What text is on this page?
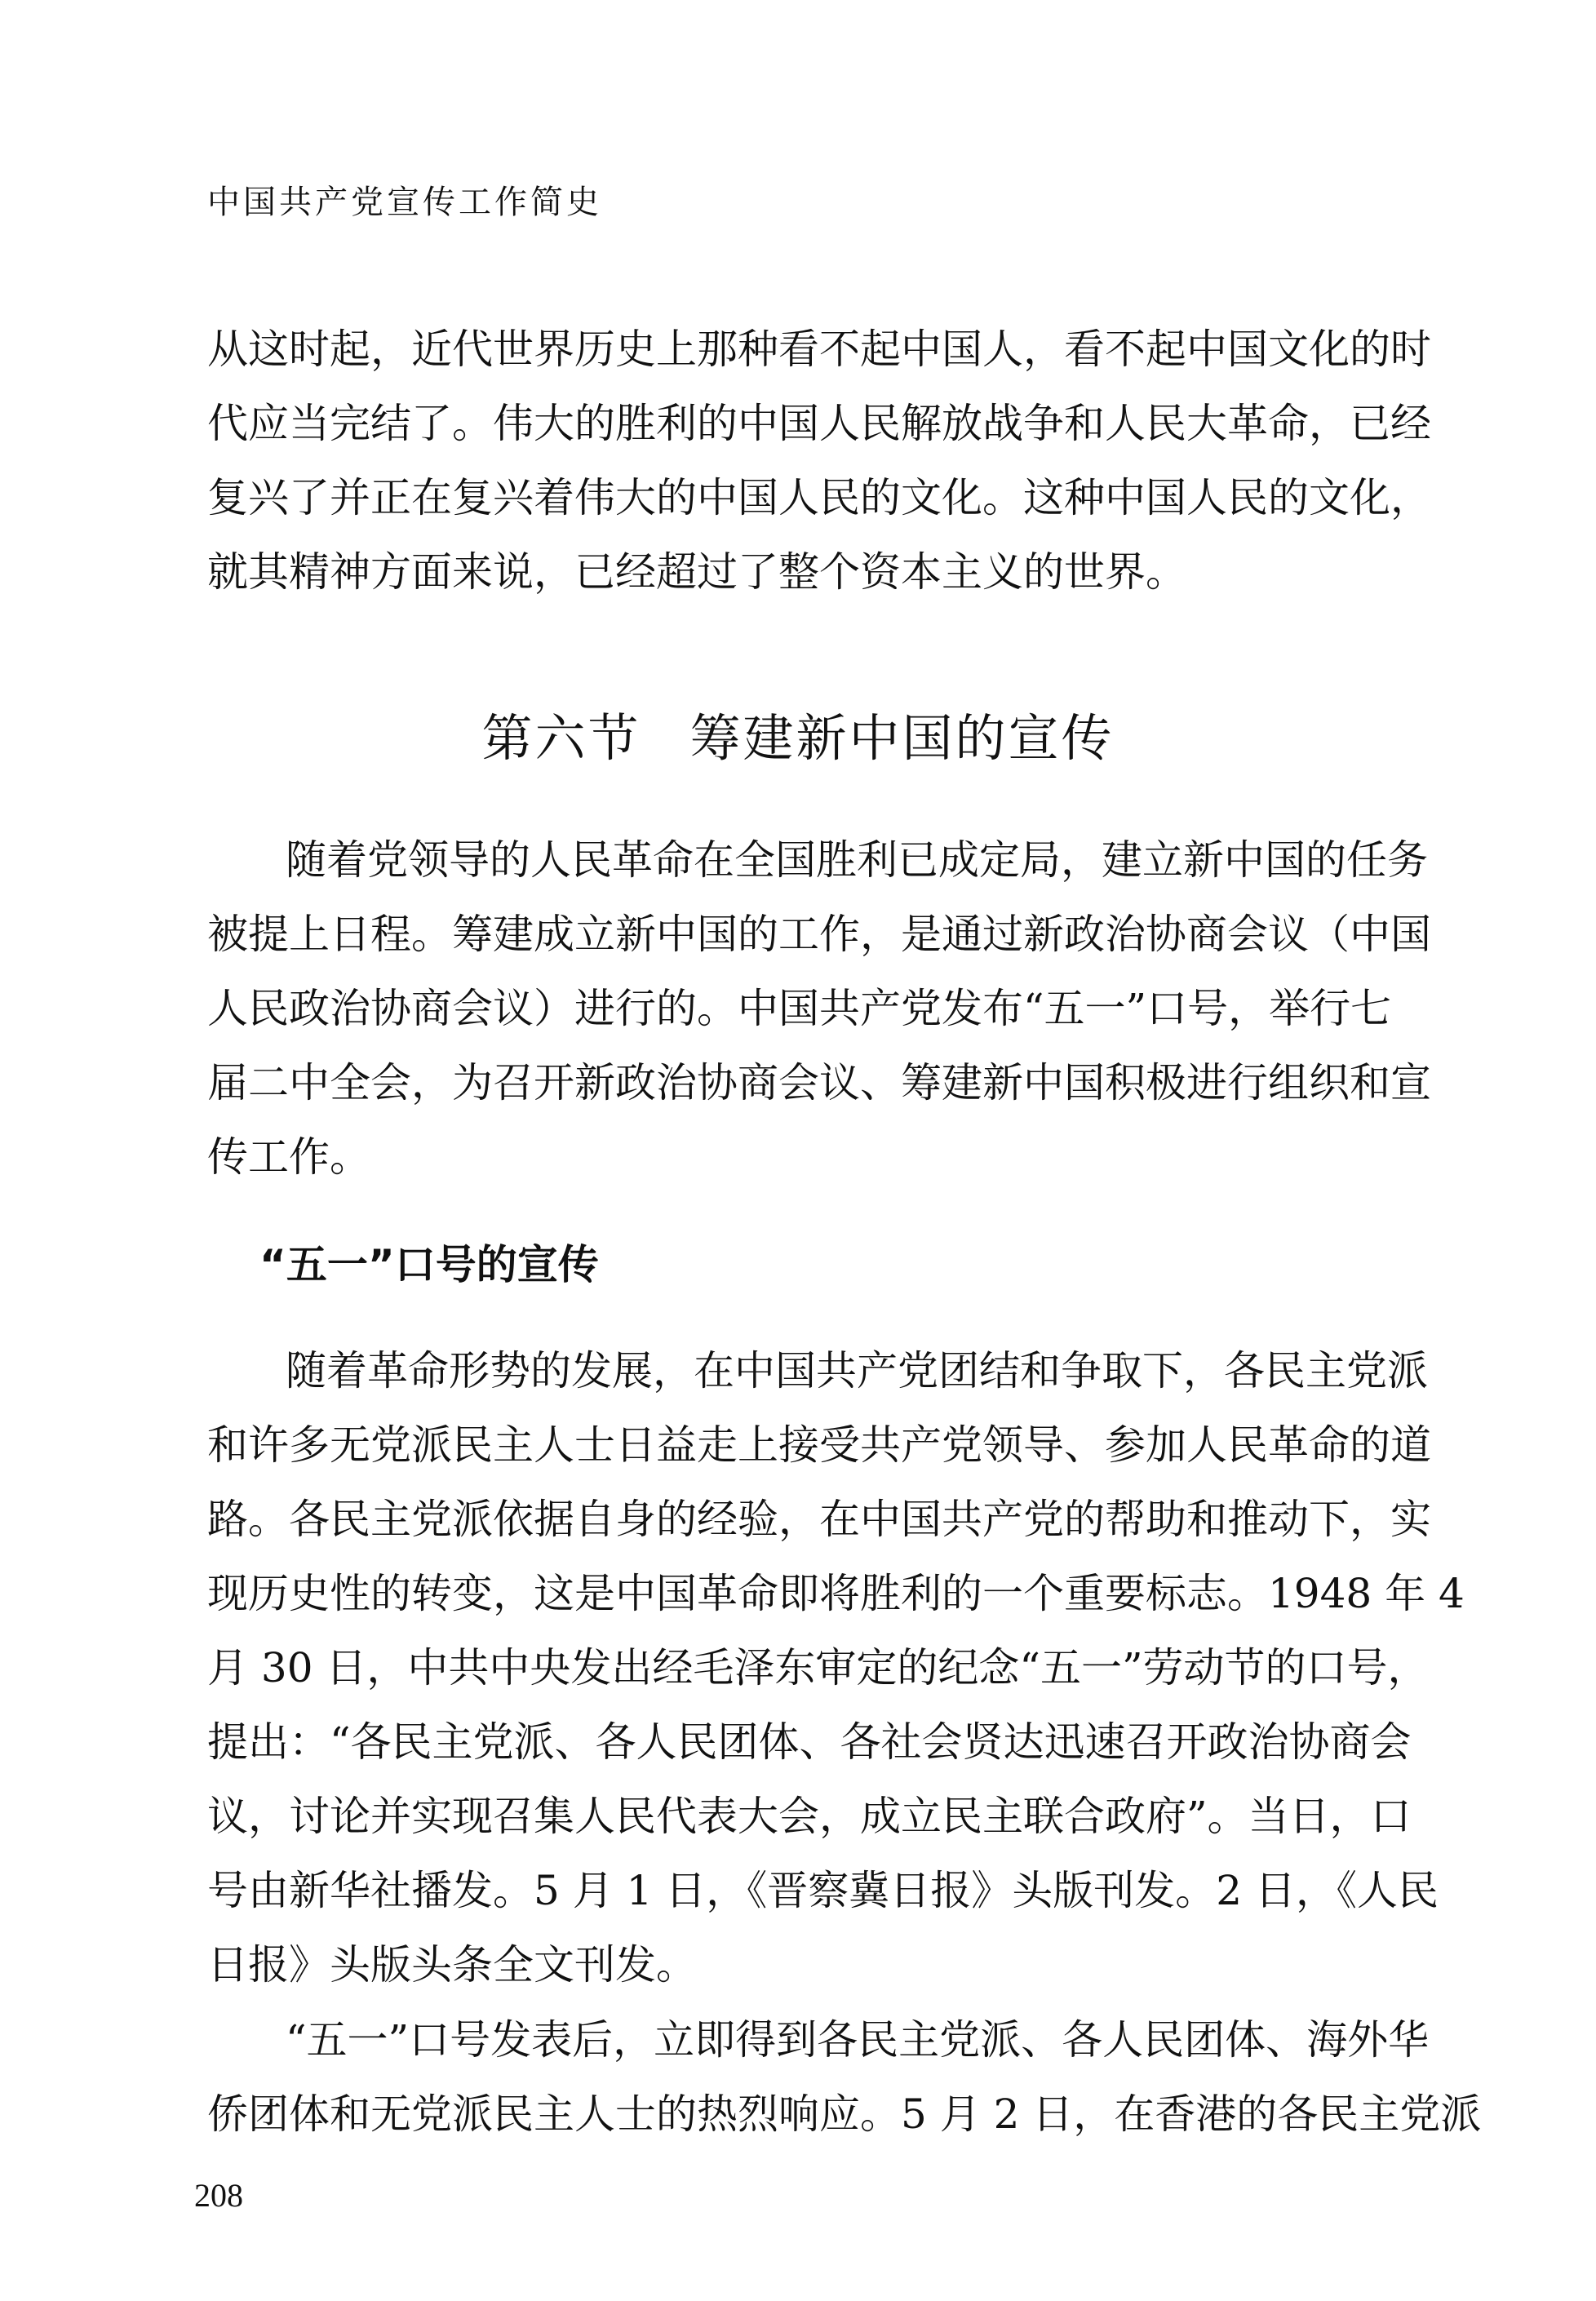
中国共产党宣传工作简史
从这时起，近代世界历史上那种看不起中国人，看不起中国文化的时
代应当完结了。伟大的胜利的中国人民解放战争和人民大革命，已经
复兴了并正在复兴着伟大的中国人民的文化。这种中国人民的文化，
就其精神方面来说，已经超过了整个资本主义的世界。
第六节 筹建新中国的宣传
随着党领导的人民革命在全国胜利已成定局，建立新中国的任务
被提上日程。筹建成立新中国的工作，是通过新政治协商会议（中国
人民政治协商会议）进行的。中国共产党发布“五一”口号，举行七
届二中全会，为召开新政治协商会议、筹建新中国积极进行组织和宣
传工作。
“五一”口号的宣传
随着革命形势的发展，在中国共产党团结和争取下，各民主党派
和许多无党派民主人士日益走上接受共产党领导、参加人民革命的道
路。各民主党派依据自身的经验，在中国共产党的帮助和推动下，实
现历史性的转变，这是中国革命即将胜利的一个重要标志。1948 年 4
月 30 日，中共中央发出经毛泽东审定的纪念“五一”劳动节的口号，
提出：“各民主党派、各人民团体、各社会贤达迅速召开政治协商会
议，讨论并实现召集人民代表大会，成立民主联合政府”。当日，口
号由新华社播发。5 月 1 日，《晋察冀日报》头版刊发。2 日，《人民
日报》头版头条全文刊发。
“五一”口号发表后，立即得到各民主党派、各人民团体、海外华
侨团体和无党派民主人士的热烈响应。5 月 2 日，在香港的各民主党派
208
